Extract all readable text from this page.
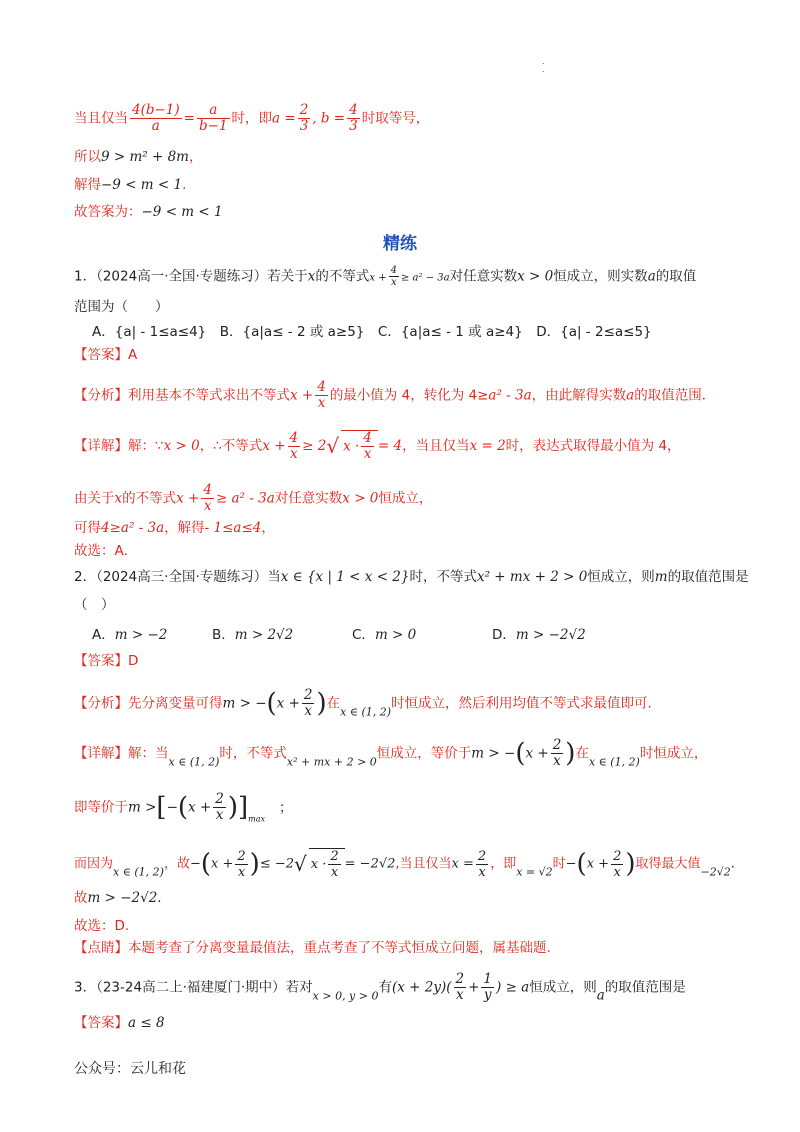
.
.
当且仅当 $\frac{4(b-1)}{a} = \frac{a}{b-1}$ 时，即$a = \frac{2}{3}$ , $b = \frac{4}{3}$ 时取等号，
所以9 > m² + 8m，
解得−9 < m < 1.
故答案为：−9 < m < 1
精练
1．（2024高一·全国·专题练习）若关于x的不等式$x + \frac{4}{x} \ge a^2 - 3a$对任意实数x > 0恒成立，则实数a的取值
范围为（　　）
A．{a| - 1≤a≤4}　B．{a|a≤ - 2 或 a≥5}　C．{a|a≤ - 1 或 a≥4}　D．{a| - 2≤a≤5}
【答案】A
【分析】利用基本不等式求出不等式$x + \frac{4}{x}$ 的最小值为 4，转化为 4≥a² - 3a，由此解得实数a的取值范围．
【详解】解：∵x > 0，∴不等式$x + \frac{4}{x} \ge 2√$ $x \cdot \frac{4}{x} = 4$，当且仅当x = 2时，表达式取得最小值为 4，
由关于x的不等式$x + \frac{4}{x} \ge a^2 - 3a$对任意实数x > 0恒成立，
可得4≥a² - 3a，解得- 1≤a≤4，
故选：A．
2．（2024高三·全国·专题练习）当x ∈ {x | 1 < x < 2}时，不等式x² + mx + 2 > 0恒成立，则m的取值范围是
（　）
A．m > −2	B．m > 2√2	C．m > 0	D．m > −2√2
【答案】D
【分析】先分离变量可得$m > -(x + \frac{2}{x}$ )在$_{x \in (1, 2)}$时恒成立，然后利用均值不等式求最值即可.
【详解】解：当$_{x \in (1, 2)}$时，不等式$_{x^2 + mx + 2 > 0}$恒成立，等价于$m > -(x + \frac{2}{x}$ )在$_{x \in (1, 2)}$时恒成立，
即等价于$m >[-(x + \frac{2}{x} )]_{max}$；
而因为$_{x \in (1, 2)}$，故$-(x + \frac{2}{x}$ )≤ −2√ $x \cdot \frac{2}{x} = -2√2$,当且仅当$x = \frac{2}{x}$ ，即$_{x = √2}$时$-(x + \frac{2}{x}$ )取得最大值$_{-2√2}$.
故m > −2√2.
故选：D.
【点睛】本题考查了分离变量最值法，重点考查了不等式恒成立问题，属基础题.
3．（23-24高二上·福建厦门·期中）若对$_{x > 0, y > 0}$有$(x + 2y)( \frac{2}{x} + \frac{1}{y}$ ) ≥ a恒成立，则a的取值范围是
【答案】a ≤ 8
公众号：云儿和花
